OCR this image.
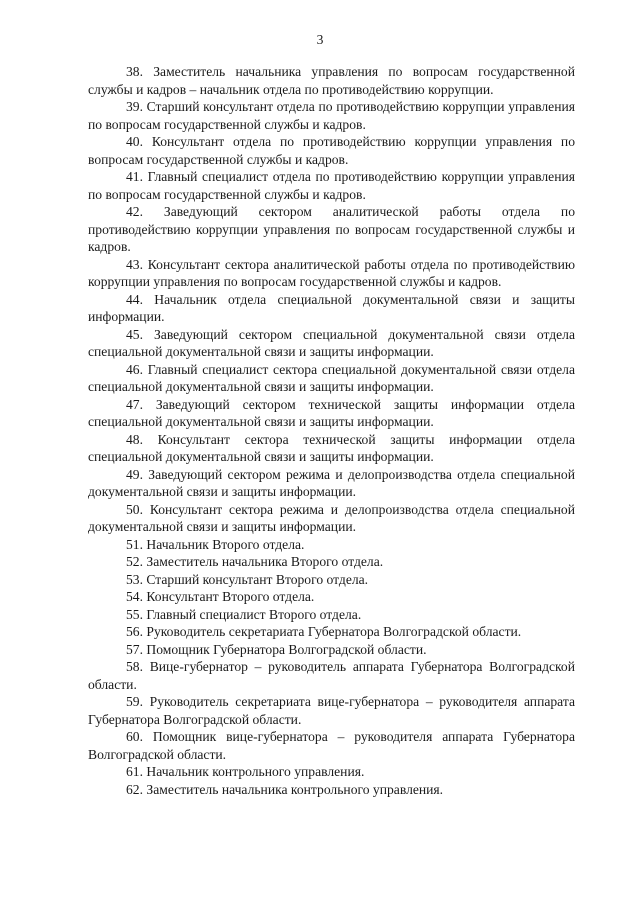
3

38. Заместитель начальника управления по вопросам государственной службы и кадров – начальник отдела по противодействию коррупции.

39. Старший консультант отдела по противодействию коррупции управления по вопросам государственной службы и кадров.

40. Консультант отдела по противодействию коррупции управления по вопросам государственной службы и кадров.

41. Главный специалист отдела по противодействию коррупции управления по вопросам государственной службы и кадров.

42. Заведующий сектором аналитической работы отдела по противодействию коррупции управления по вопросам государственной службы и кадров.

43. Консультант сектора аналитической работы отдела по противодействию коррупции управления по вопросам государственной службы и кадров.

44. Начальник отдела специальной документальной связи и защиты информации.

45. Заведующий сектором специальной документальной связи отдела специальной документальной связи и защиты информации.

46. Главный специалист сектора специальной документальной связи отдела специальной документальной связи и защиты информации.

47. Заведующий сектором технической защиты информации отдела специальной документальной связи и защиты информации.

48. Консультант сектора технической защиты информации отдела специальной документальной связи и защиты информации.

49. Заведующий сектором режима и делопроизводства отдела специальной документальной связи и защиты информации.

50. Консультант сектора режима и делопроизводства отдела специальной документальной связи и защиты информации.

51. Начальник Второго отдела.

52. Заместитель начальника Второго отдела.

53. Старший консультант Второго отдела.

54. Консультант Второго отдела.

55. Главный специалист Второго отдела.

56. Руководитель секретариата Губернатора Волгоградской области.

57. Помощник Губернатора Волгоградской области.

58. Вице-губернатор – руководитель аппарата Губернатора Волгоградской области.

59. Руководитель секретариата вице-губернатора – руководителя аппарата Губернатора Волгоградской области.

60. Помощник вице-губернатора – руководителя аппарата Губернатора Волгоградской области.

61. Начальник контрольного управления.

62. Заместитель начальника контрольного управления.
